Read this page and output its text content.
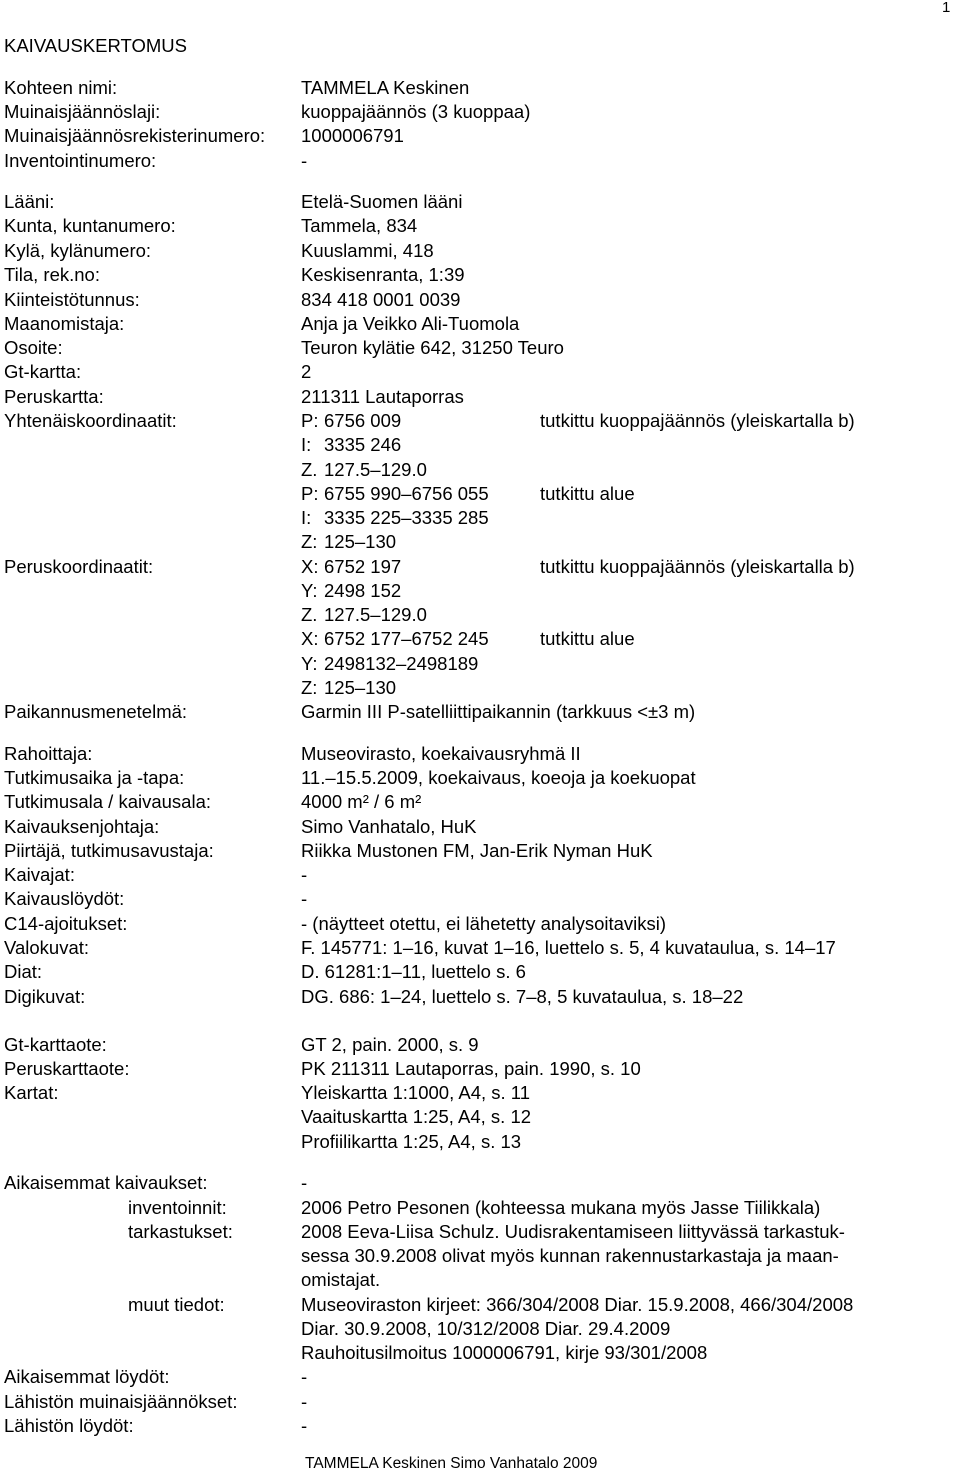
1
KAIVAUSKERTOMUS
Kohteen nimi:	TAMMELA Keskinen
Muinaisjäännöslaji:	kuoppajäännös (3 kuoppaa)
Muinaisjäännösrekisterinumero: 1000006791
Inventointinumero:	-
Lääni:	Etelä-Suomen lääni
Kunta, kuntanumero:	Tammela, 834
Kylä, kylänumero:	Kuuslammi, 418
Tila, rek.no:	Keskisenranta, 1:39
Kiinteistötunnus:	834 418 0001 0039
Maanomistaja:	Anja ja Veikko Ali-Tuomola
Osoite:	Teuron kylätie 642, 31250 Teuro
Gt-kartta:	2
Peruskartta:	211311 Lautaporras
Yhtenäiskoordinaatit:	P: 6756 009	tutkittu kuoppajäännös (yleiskartalla b)
I: 3335 246
Z. 127.5–129.0
P: 6755 990–6756 055	tutkittu alue
I: 3335 225–3335 285
Z: 125–130
Peruskoordinaatit:	X: 6752 197	tutkittu kuoppajäännös (yleiskartalla b)
Y: 2498 152
Z. 127.5–129.0
X: 6752 177–6752 245	tutkittu alue
Y: 2498132–2498189
Z: 125–130
Paikannusmenetelmä:	Garmin III P-satelliittipaikannin (tarkkuus <±3 m)
Rahoittaja:	Museovirasto, koekaivausryhmä II
Tutkimusaika ja -tapa:	11.–15.5.2009, koekaivaus, koeoja ja koekuopat
Tutkimusala / kaivausala:	4000 m² / 6 m²
Kaivauksenjohtaja:	Simo Vanhatalo, HuK
Piirtäjä, tutkimusavustaja:	Riikka Mustonen FM, Jan-Erik Nyman HuK
Kaivajat:	-
Kaivauslöydöt:	-
C14-ajoitukset:	- (näytteet otettu, ei lähetetty analysoitaviksi)
Valokuvat:	F. 145771: 1–16, kuvat 1–16, luettelo s. 5, 4 kuvataulua, s. 14–17
Diat:	D. 61281:1–11, luettelo s. 6
Digikuvat:	DG. 686: 1–24, luettelo s. 7–8, 5 kuvataulua, s. 18–22
Gt-karttaote:	GT 2, pain. 2000, s. 9
Peruskarttaote:	PK 211311 Lautaporras, pain. 1990, s. 10
Kartat:	Yleiskartta 1:1000, A4, s. 11
Vaaituskartta 1:25, A4, s. 12
Profiilikartta 1:25, A4, s. 13
Aikaisemmat kaivaukset:	-
inventoinnit:	2006 Petro Pesonen (kohteessa mukana myös Jasse Tiilikkala)
tarkastukset:	2008 Eeva-Liisa Schulz. Uudisrakentamiseen liittyvässä tarkastuk-
sessa 30.9.2008 olivat myös kunnan rakennustarkastaja ja maan-
omistajat.
muut tiedot:	Museoviraston kirjeet: 366/304/2008 Diar. 15.9.2008, 466/304/2008
Diar. 30.9.2008, 10/312/2008 Diar. 29.4.2009
Rauhoitusilmoitus 1000006791, kirje 93/301/2008
Aikaisemmat löydöt:	-
Lähistön muinaisjäännökset:	-
Lähistön löydöt:	-
TAMMELA Keskinen Simo Vanhatalo 2009
